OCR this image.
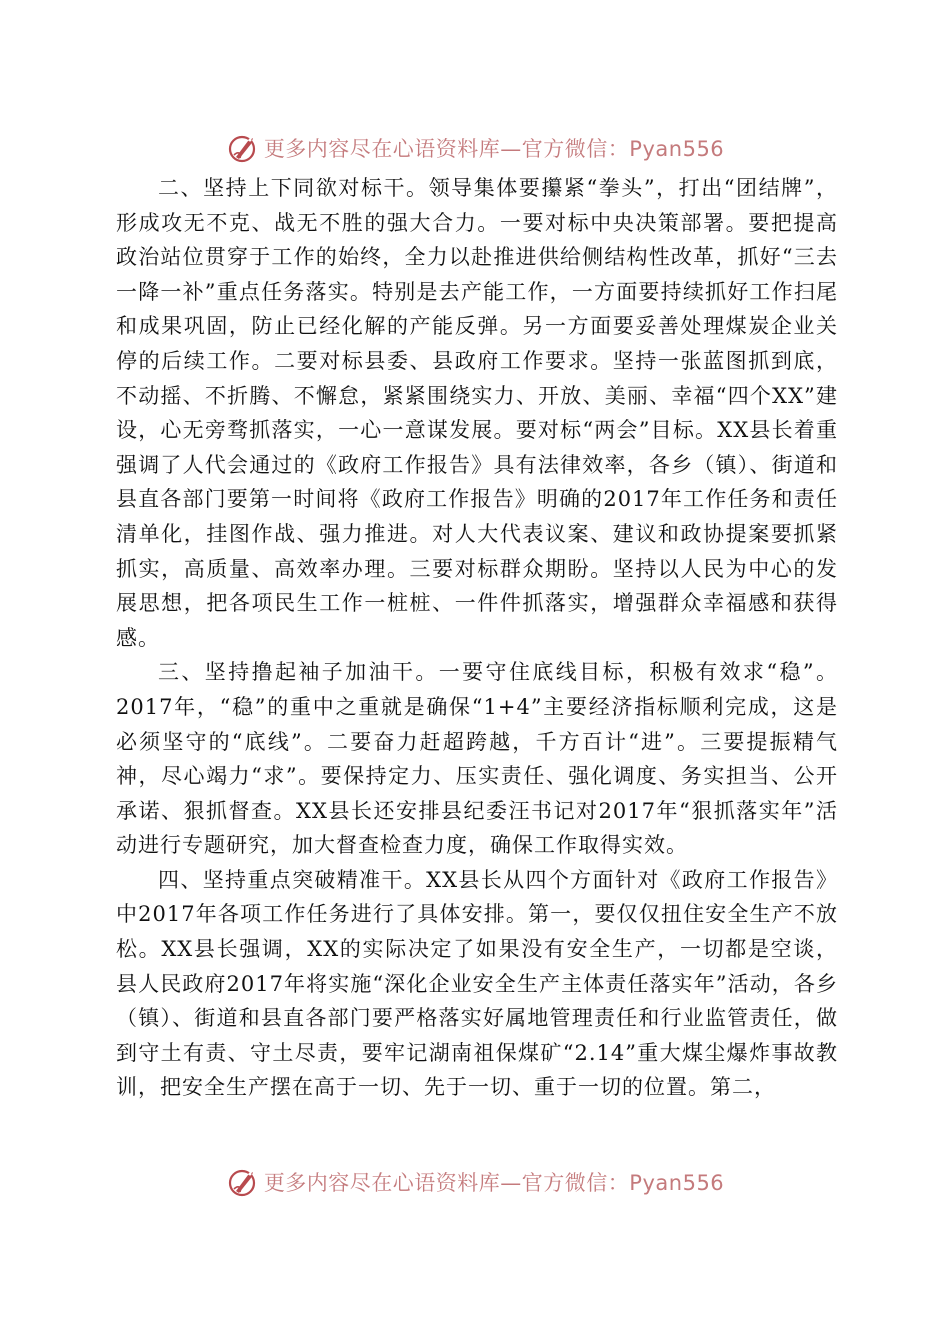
更多内容尽在心语资料库—官方微信：Pyan556

二、坚持上下同欲对标干。领导集体要攥紧“拳头”，打出“团结牌”，形成攻无不克、战无不胜的强大合力。一要对标中央决策部署。要把提高政治站位贯穿于工作的始终，全力以赴推进供给侧结构性改革，抓好“三去一降一补”重点任务落实。特别是去产能工作，一方面要持续抓好工作扫尾和成果巩固，防止已经化解的产能反弹。另一方面要妥善处理煤炭企业关停的后续工作。二要对标县委、县政府工作要求。坚持一张蓝图抓到底，不动摇、不折腾、不懈怠，紧紧围绕实力、开放、美丽、幸福“四个XX”建设，心无旁骛抓落实，一心一意谋发展。要对标“两会”目标。XX县长着重强调了人代会通过的《政府工作报告》具有法律效率，各乡（镇）、街道和县直各部门要第一时间将《政府工作报告》明确的2017年工作任务和责任清单化，挂图作战、强力推进。对人大代表议案、建议和政协提案要抓紧抓实，高质量、高效率办理。三要对标群众期盼。坚持以人民为中心的发展思想，把各项民生工作一桩桩、一件件抓落实，增强群众幸福感和获得感。

三、坚持撸起袖子加油干。一要守住底线目标，积极有效求“稳”。2017年，“稳”的重中之重就是确保“1+4”主要经济指标顺利完成，这是必须坚守的“底线”。二要奋力赶超跨越，千方百计“进”。三要提振精气神，尽心竭力“求”。要保持定力、压实责任、强化调度、务实担当、公开承诺、狠抓督查。XX县长还安排县纪委汪书记对2017年“狠抓落实年”活动进行专题研究，加大督查检查力度，确保工作取得实效。

四、坚持重点突破精准干。XX县长从四个方面针对《政府工作报告》中2017年各项工作任务进行了具体安排。第一，要仅仅扭住安全生产不放松。XX县长强调，XX的实际决定了如果没有安全生产，一切都是空谈，县人民政府2017年将实施“深化企业安全生产主体责任落实年”活动，各乡（镇）、街道和县直各部门要严格落实好属地管理责任和行业监管责任，做到守土有责、守土尽责，要牢记湖南祖保煤矿“2.14”重大煤尘爆炸事故教训，把安全生产摆在高于一切、先于一切、重于一切的位置。第二，

更多内容尽在心语资料库—官方微信：Pyan556
